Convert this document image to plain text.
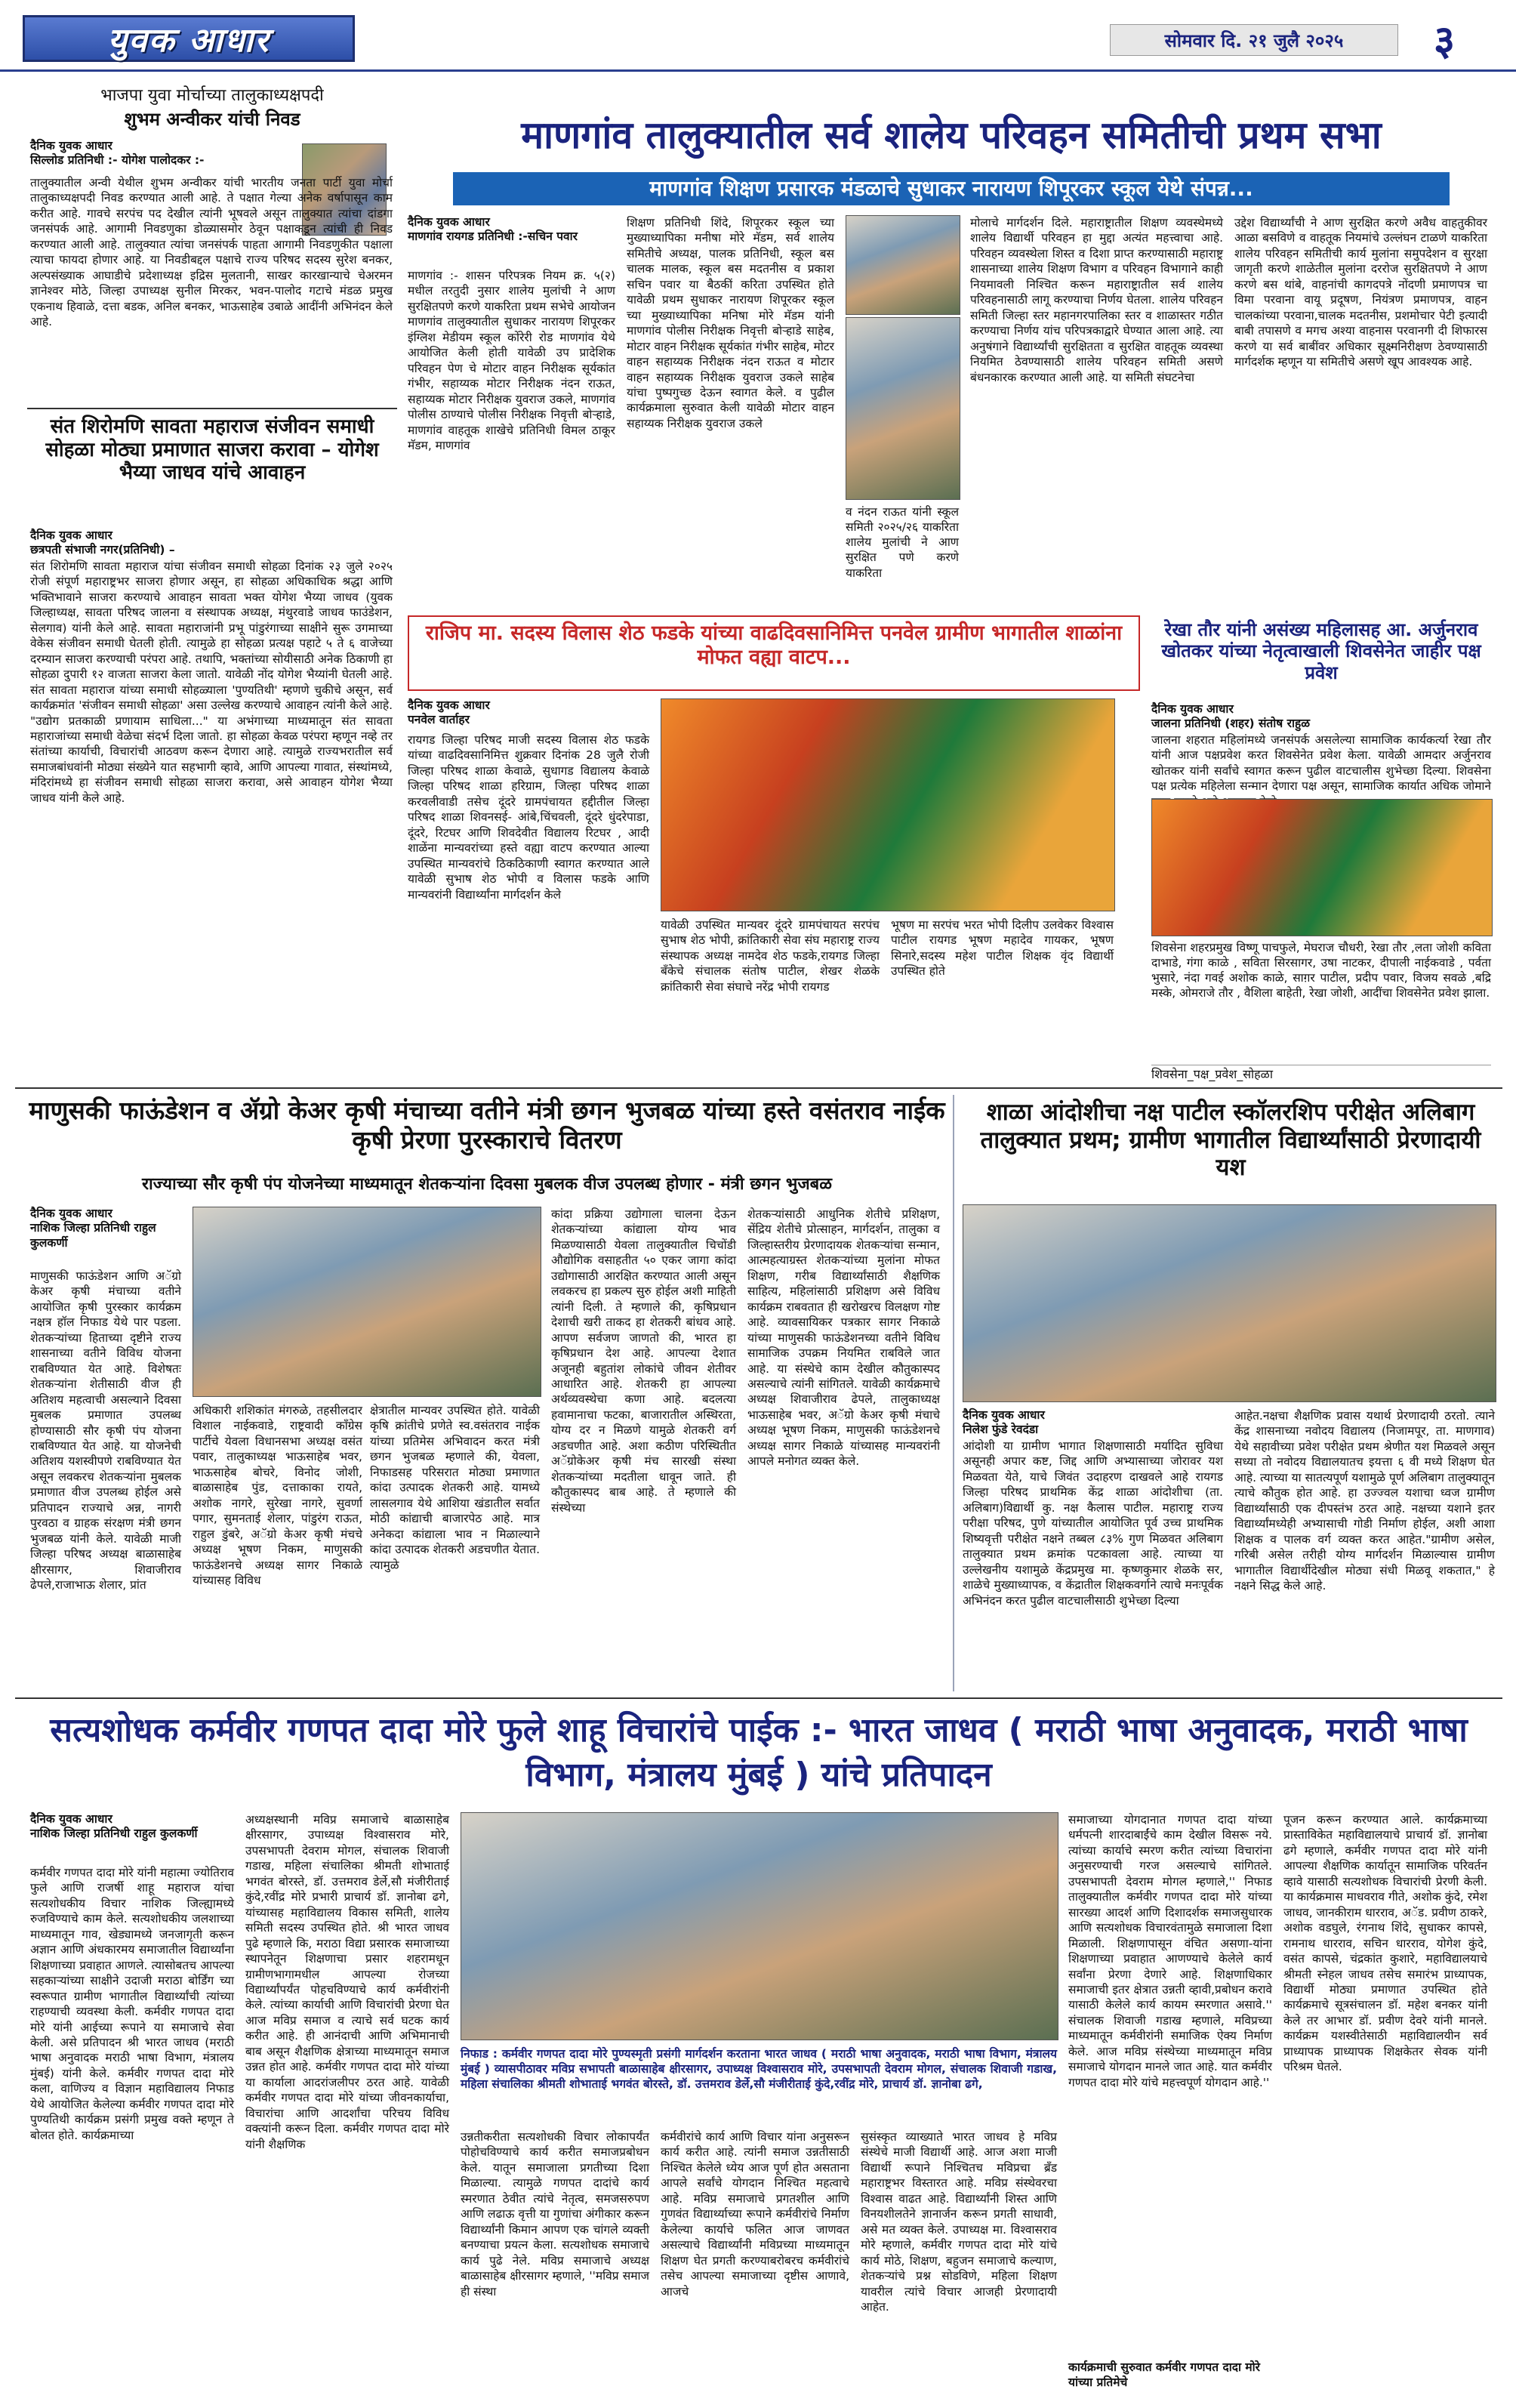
युवक आधार	सोमवार दि. २१ जुलै २०२५	३
भाजपा युवा मोर्चाच्या तालुकाध्यक्षपदी
शुभम अन्वीकर यांची निवड
दैनिक युवक आधार
सिल्लोड प्रतिनिधी :- योगेश पालोदकर :-
तालुक्यातील अन्वी येथील शुभम अन्वीकर यांची भारतीय जनता पार्टी युवा मोर्चा तालुकाध्यक्षपदी निवड करण्यात आली आहे. ते पक्षात गेल्या अनेक वर्षापासून काम करीत आहे. गावचे सरपंच पद देखील त्यांनी भूषवले असून तालुक्यात त्यांचा दांडगा जनसंपर्क आहे. आगामी निवडणुका डोळ्यासमोर ठेवून पक्षाकडून त्यांची ही निवड करण्यात आली आहे. तालुक्यात त्यांचा जनसंपर्क पाहता आगामी निवडणुकीत पक्षाला त्याचा फायदा होणार आहे. या निवडीबद्दल पक्षाचे राज्य परिषद सदस्य सुरेश बनकर, अल्पसंख्याक आघाडीचे प्रदेशाध्यक्ष इद्रिस मुलतानी, साखर कारखान्याचे चेअरमन ज्ञानेश्वर मोठे, जिल्हा उपाध्यक्ष सुनील मिरकर, भवन-पालोद गटाचे मंडळ प्रमुख एकनाथ हिवाळे, दत्ता बडक, अनिल बनकर, भाऊसाहेब उबाळे आदींनी अभिनंदन केले आहे.
संत शिरोमणि सावता महाराज संजीवन समाधी सोहळा मोठ्या प्रमाणात साजरा करावा – योगेश भैय्या जाधव यांचे आवाहन
दैनिक युवक आधार
छत्रपती संभाजी नगर(प्रतिनिधी) –
संत शिरोमणि सावता महाराज यांचा संजीवन समाधी सोहळा दिनांक २३ जुले २०२५ रोजी संपूर्ण महाराष्ट्रभर साजरा होणार असून, हा सोहळा अधिकाधिक श्रद्धा आणि भक्तिभावाने साजरा करण्याचे आवाहन सावता भक्त योगेश भैय्या जाधव (युवक जिल्हाध्यक्ष, सावता परिषद जालना व संस्थापक अध्यक्ष, मंथुरवाडे जाधव फाउंडेशन, सेलगाव) यांनी केले आहे. सावता महाराजांनी प्रभू पांडुरंगाच्या साक्षीने सुरू उगमाच्या वेकेस संजीवन समाधी घेतली होती. त्यामुळे हा सोहळा प्रत्यक्ष पहाटे ५ ते ६ वाजेच्या दरम्यान साजरा करण्याची परंपरा आहे. तथापि, भक्तांच्या सोयीसाठी अनेक ठिकाणी हा सोहळा दुपारी १२ वाजता साजरा केला जातो. यावेळी नोंद योगेश भैय्यांनी घेतली आहे. संत सावता महाराज यांच्या समाधी सोहळ्याला 'पुण्यतिथी' म्हणणे चुकीचे असून, सर्व कार्यक्रमांत 'संजीवन समाधी सोहळा' असा उल्लेख करण्याचे आवाहन त्यांनी केले आहे. "उद्योग प्रतकाळी प्रणायाम साधिला..." या अभंगाच्या माध्यमातून संत सावता महाराजांच्या समाधी वेळेचा संदर्भ दिला जातो. हा सोहळा केवळ परंपरा म्हणून नव्हे तर संतांच्या कार्याची, विचारांची आठवण करून देणारा आहे. त्यामुळे राज्यभरातील सर्व समाजबांधवांनी मोठ्या संख्येने यात सहभागी व्हावे, आणि आपल्या गावात, संस्थांमध्ये, मंदिरांमध्ये हा संजीवन समाधी सोहळा साजरा करावा, असे आवाहन योगेश भैय्या जाधव यांनी केले आहे.
माणगांव तालुक्यातील सर्व शालेय परिवहन समितीची प्रथम सभा
माणगांव शिक्षण प्रसारक मंडळाचे सुधाकर नारायण शिपूरकर स्कूल येथे संपन्न...
दैनिक युवक आधार
माणगांव रायगड प्रतिनिधी :-सचिन पवार
माणगांव :- शासन परिपत्रक नियम क्र. ५(२) मधील तरतुदी नुसार शालेय मुलांची ने आण सुरक्षितपणे करणे याकरिता प्रथम सभेचे आयोजन माणगांव तालुक्यातील सुधाकर नारायण शिपूरकर इंग्लिश मेडीयम स्कूल कोंरेरी रोड माणगांव येथे आयोजित केली होती यावेळी उप प्रादेशिक परिवहन पेण चे मोटार वाहन निरीक्षक सूर्यकांत गंभीर, सहाय्यक मोटार निरीक्षक नंदन राऊत, सहाय्यक मोटार निरीक्षक युवराज उकले, माणगांव पोलीस ठाण्याचे पोलीस निरीक्षक निवृत्ती बोऱ्हाडे, माणगांव वाहतूक शाखेचे प्रतिनिधी विमल ठाकूर मॅडम, माणगांव
शिक्षण प्रतिनिधी शिंदे, शिपूरकर स्कूल च्या मुख्याध्यापिका मनीषा मोरे मॅडम, सर्व शालेय समितीचे अध्यक्ष, पालक प्रतिनिधी, स्कूल बस चालक मालक, स्कूल बस मदतनीस व प्रकाश सचिन पवार या बैठकीं करिता उपस्थित होते यावेळी प्रथम सुधाकर नारायण शिपूरकर स्कूल च्या मुख्याध्यापिका मनिषा मोरे मॅडम यांनी माणगांव पोलीस निरीक्षक निवृत्ती बोऱ्हाडे साहेब, मोटार वाहन निरीक्षक सूर्यकांत गंभीर साहेब, मोटर वाहन सहाय्यक निरीक्षक नंदन राऊत व मोटार वाहन सहाय्यक निरीक्षक युवराज उकले साहेब यांचा पुष्पगुच्छ देऊन स्वागत केले. व पुढील कार्यक्रमाला सुरुवात केली यावेळी मोटार वाहन सहाय्यक निरीक्षक युवराज उकले
व नंदन राऊत यांनी स्कूल समिती २०२५/२६ याकरिता शालेय मुलांची ने आण सुरक्षित पणे करणे याकरिता
मोलाचे मार्गदर्शन दिले. महाराष्ट्रातील शिक्षण व्यवस्थेमध्ये शालेय विद्यार्थी परिवहन हा मुद्दा अत्यंत महत्त्वाचा आहे. परिवहन व्यवस्थेला शिस्त व दिशा प्राप्त करण्यासाठी महाराष्ट्र शासनाच्या शालेय शिक्षण विभाग व परिवहन विभागाने काही नियमावली निश्चित करून महाराष्ट्रातील सर्व शालेय परिवहनासाठी लागू करण्याचा निर्णय घेतला. शालेय परिवहन समिती जिल्हा स्तर महानगरपालिका स्तर व शाळास्तर गठीत करण्याचा निर्णय यांच परिपत्रकाद्वारे घेण्यात आला आहे. त्या अनुषंगाने विद्यार्थ्यांची सुरक्षितता व सुरक्षित वाहतूक व्यवस्था नियमित ठेवण्यासाठी शालेय परिवहन समिती असणे बंधनकारक करण्यात आली आहे. या समिती संघटनेचा
उद्देश विद्यार्थ्यांची ने आण सुरक्षित करणे अवैध वाहतुकीवर आळा बसविणे व वाहतूक नियमांचे उल्लंघन टाळणे याकरिता शालेय परिवहन समितीची कार्य मुलांना समुपदेशन व सुरक्षा जागृती करणे शाळेतील मुलांना दररोज सुरक्षितपणे ने आण करणे बस थांबे, वाहनांची कागदपत्रे नोंदणी प्रमाणपत्र चा विमा परवाना वायू प्रदूषण, नियंत्रण प्रमाणपत्र, वाहन चालकांच्या परवाना,चालक मदतनीस, प्रशमोचार पेटी इत्यादी बाबी तपासणे व मगच अश्या वाहनास परवानगी दी शिफारस करणे या सर्व बाबींवर अधिकार सूक्ष्मनिरीक्षण ठेवण्यासाठी मार्गदर्शक म्हणून या समितीचे असणे खूप आवश्यक आहे.
राजिप मा. सदस्य विलास शेठ फडके यांच्या वाढदिवसानिमित्त पनवेल ग्रामीण भागातील शाळांना मोफत वह्या वाटप...
दैनिक युवक आधार
पनवेल वार्ताहर
रायगड जिल्हा परिषद माजी सदस्य विलास शेठ फडके यांच्या वाढदिवसानिमित्त शुक्रवार दिनांक 28 जुलै रोजी जिल्हा परिषद शाळा केवाळे, सुधागड विद्यालय केवाळे जिल्हा परिषद शाळा हरिग्राम, जिल्हा परिषद शाळा करवलीवाडी तसेच दूंदरे ग्रामपंचायत हद्दीतील जिल्हा परिषद शाळा शिवनसई- आंबे,चिंचवली, दूंदरे धुंदरेपाडा, दूंदरे, रिटघर आणि शिवदेवीत विद्यालय रिटघर , आदी शाळेंना मान्यवरांच्या हस्ते वह्या वाटप करण्यात आल्या उपस्थित मान्यवरांचे ठिकठिकाणी स्वागत करण्यात आले यावेळी सुभाष शेठ भोपी व विलास फडके आणि मान्यवरांनी विद्यार्थ्यांना मार्गदर्शन केले
यावेळी उपस्थित मान्यवर दूंदरे ग्रामपंचायत सरपंच सुभाष शेठ भोपी, क्रांतिकारी सेवा संघ महाराष्ट्र राज्य संस्थापक अध्यक्ष नामदेव शेठ फडके,रायगड जिल्हा बँकेचे संचालक संतोष पाटील, शेखर शेळके क्रांतिकारी सेवा संघाचे नरेंद्र भोपी रायगड
भूषण मा सरपंच भरत भोपी दिलीप उलवेकर विश्वास पाटील रायगड भूषण महादेव गायकर, भूषण सिनारे,सदस्य महेश पाटील शिक्षक वृंद विद्यार्थी उपस्थित होते
रेखा तौर यांनी असंख्य महिलासह आ. अर्जुनराव खोतकर यांच्या नेतृत्वाखाली शिवसेनेत जाहीर पक्ष प्रवेश
दैनिक युवक आधार
जालना प्रतिनिधी (शहर) संतोष राहुळ
जालना शहरात महिलांमध्ये जनसंपर्क असलेल्या सामाजिक कार्यकर्त्या रेखा तौर यांनी आज पक्षप्रवेश करत शिवसेनेत प्रवेश केला. यावेळी आमदार अर्जुनराव खोतकर यांनी सर्वांचे स्वागत करून पुढील वाटचालीस शुभेच्छा दिल्या. शिवसेना पक्ष प्रत्येक महिलेला सन्मान देणारा पक्ष असून, सामाजिक कार्यात अधिक जोमाने
शिवसेना शहरप्रमुख विष्णू पाचफुले, मेघराज चौधरी, रेखा तौर ,लता जोशी कविता दाभाडे, गंगा काळे , सविता सिरसागर, उषा नाटकर, दीपाली नाईकवाडे , पर्वता भुसारे, नंदा गवई अशोक काळे, साग़र पाटील, प्रदीप पवार, विजय सवळे ,बद्रि मस्के, ओमराजे तौर , वैशिला बाहेती, रेखा जोशी, आदींचा शिवसेनेत प्रवेश झाला.
शिवसेना_पक्ष_प्रवेश_सोहळा
माणुसकी फाऊंडेशन व ॲग्रो केअर कृषी मंचाच्या वतीने मंत्री छगन भुजबळ यांच्या हस्ते वसंतराव नाईक कृषी प्रेरणा पुरस्काराचे वितरण
राज्याच्या सौर कृषी पंप योजनेच्या माध्यमातून शेतकऱ्यांना दिवसा मुबलक वीज उपलब्ध होणार - मंत्री छगन भुजबळ
दैनिक युवक आधार
नाशिक जिल्हा प्रतिनिधी राहुल कुलकर्णी
माणुसकी फाऊंडेशन आणि अॅग्रो केअर कृषी मंचाच्या वतीने आयोजित कृषी पुरस्कार कार्यक्रम नक्षत्र हॉल निफाड येथे पार पडला. शेतकऱ्यांच्या हिताच्या दृष्टीने राज्य शासनाच्या वतीने विविध योजना राबविण्यात येत आहे. विशेषतः शेतकऱ्यांना शेतीसाठी वीज ही अतिशय महत्वाची असल्याने दिवसा मुबलक प्रमाणात उपलब्ध होण्यासाठी सौर कृषी पंप योजना राबविण्यात येत आहे. या योजनेची अतिशय यशस्वीपणे राबविण्यात येत असून लवकरच शेतकऱ्यांना मुबलक प्रमाणात वीज उपलब्ध होईल असे प्रतिपादन राज्याचे अन्न, नागरी पुरवठा व ग्राहक संरक्षण मंत्री छगन भुजबळ यांनी केले. यावेळी माजी जिल्हा परिषद अध्यक्ष बाळासाहेब क्षीरसागर, शिवाजीराव ढेपले,राजाभाऊ शेलार, प्रांत
अधिकारी शशिकांत मंगरुळे, तहसीलदार विशाल नाईकवाडे, राष्ट्रवादी काँग्रेस पार्टीचे येवला विधानसभा अध्यक्ष वसंत पवार, तालुकाध्यक्ष भाऊसाहेब भवर, भाऊसाहेब बोचरे, विनोद जोशी, बाळासाहेब पुंड, दत्ताकाका रायते, अशोक नागरे, सुरेखा नागरे, सुवर्णा पगार, सुमनताई शेलार, पांडुरंग राऊत, राहुल डुंबरे, अॅग्रो केअर कृषी मंचचे अध्यक्ष भूषण निकम, माणुसकी फाऊंडेशनचे अध्यक्ष सागर निकाळे यांच्यासह विविध
क्षेत्रातील मान्यवर उपस्थित होते. यावेळी कृषि क्रांतीचे प्रणेते स्व.वसंतराव नाईक यांच्या प्रतिमेस अभिवादन करत मंत्री छगन भुजबळ म्हणाले की, येवला, निफाडसह परिसरात मोठ्या प्रमाणात कांदा उत्पादक शेतकरी आहे. यामध्ये लासलगाव येथे आशिया खंडातील सर्वात मोठी कांद्याची बाजारपेठ आहे. मात्र अनेकदा कांद्याला भाव न मिळाल्याने कांदा उत्पादक शेतकरी अडचणीत येतात. त्यामुळे
कांदा प्रक्रिया उद्योगाला चालना देऊन शेतकऱ्यांच्या कांद्याला योग्य भाव मिळण्यासाठी येवला तालुक्यातील चिचोंडी औद्योगिक वसाहतीत ५० एकर जागा कांदा उद्योगासाठी आरक्षित करण्यात आली असून लवकरच हा प्रकल्प सुरु होईल अशी माहिती त्यांनी दिली. ते म्हणाले की, कृषिप्रधान देशाची खरी ताकद हा शेतकरी बांधव आहे. आपण सर्वजण जाणतो की, भारत हा कृषिप्रधान देश आहे. आपल्या देशात अजूनही बहुतांश लोकांचे जीवन शेतीवर आधारित आहे. शेतकरी हा आपल्या अर्थव्यवस्थेचा कणा आहे. बदलत्या हवामानाचा फटका, बाजारातील अस्थिरता, योग्य दर न मिळणे यामुळे शेतकरी वर्ग अडचणीत आहे. अशा कठीण परिस्थितीत अॅग्रोकेअर कृषी मंच सारखी संस्था शेतकऱ्यांच्या मदतीला धावून जाते. ही कौतुकास्पद बाब आहे. ते म्हणाले की संस्थेच्या
शेतकऱ्यांसाठी आधुनिक शेतीचे प्रशिक्षण, सेंद्रिय शेतीचे प्रोत्साहन, मार्गदर्शन, तालुका व जिल्हास्तरीय प्रेरणादायक शेतकऱ्यांचा सन्मान, आत्महत्याग्रस्त शेतकऱ्यांच्या मुलांना मोफत शिक्षण, गरीब विद्यार्थ्यांसाठी शैक्षणिक साहित्य, महिलांसाठी प्रशिक्षण असे विविध कार्यक्रम राबवतात ही खरोखरच विलक्षण गोष्ट आहे. व्यावसायिकर पत्रकार सागर निकाळे यांच्या माणुसकी फाऊंडेशनच्या वतीने विविध सामाजिक उपक्रम नियमित राबविले जात आहे. या संस्थेचे काम देखील कौतुकास्पद असल्याचे त्यांनी सांगितले. यावेळी कार्यक्रमाचे अध्यक्ष शिवाजीराव ढेपले, तालुकाध्यक्ष भाऊसाहेब भवर, अॅग्रो केअर कृषी मंचाचे अध्यक्ष भूषण निकम, माणुसकी फाऊंडेशनचे अध्यक्ष सागर निकाळे यांच्यासह मान्यवरांनी आपले मनोगत व्यक्त केले.
शाळा आंदोशीचा नक्ष पाटील स्कॉलरशिप परीक्षेत अलिबाग तालुक्यात प्रथम; ग्रामीण भागातील विद्यार्थ्यांसाठी प्रेरणादायी यश
दैनिक युवक आधार
निलेश फुंडे रेवदंडा
आंदोशी या ग्रामीण भागात शिक्षणासाठी मर्यादित सुविधा असूनही अपार कष्ट, जिद्द आणि अभ्यासाच्या जोरावर यश मिळवता येते, याचे जिवंत उदाहरण दाखवले आहे रायगड जिल्हा परिषद प्राथमिक केंद्र शाळा आंदोशीचा (ता. अलिबाग)विद्यार्थी कु. नक्ष कैलास पाटील. महाराष्ट्र राज्य परीक्षा परिषद, पुणे यांच्यातील आयोजित पूर्व उच्च प्राथमिक शिष्यवृत्ती परीक्षेत नक्षने तब्बल ८३% गुण मिळवत अलिबाग तालुक्यात प्रथम क्रमांक पटकावला आहे. त्याच्या या उल्लेखनीय यशामुळे केंद्रप्रमुख मा. कृष्णकुमार शेळके सर, शाळेचे मुख्याध्यापक, व केंद्रातील शिक्षकवर्गाने त्याचे मनःपूर्वक अभिनंदन करत पुढील वाटचालीसाठी शुभेच्छा दिल्या
आहेत.नक्षचा शैक्षणिक प्रवास यथार्थ प्रेरणादायी ठरतो. त्याने केंद्र शासनाच्या नवोदय विद्यालय (निजामपूर, ता. माणगाव) येथे सहावीच्या प्रवेश परीक्षेत प्रथम श्रेणीत यश मिळवले असून सध्या तो नवोदय विद्यालयातच इयत्ता ६ वी मध्ये शिक्षण घेत आहे. त्याच्या या सातत्यपूर्ण यशामुळे पूर्ण अलिबाग तालुक्यातून त्याचे कौतुक होत आहे. हा उज्ज्वल यशाचा ध्वज ग्रामीण विद्यार्थ्यांसाठी एक दीपस्तंभ ठरत आहे. नक्षच्या यशाने इतर विद्यार्थ्यांमध्येही अभ्यासाची गोडी निर्माण होईल, अशी आशा शिक्षक व पालक वर्ग व्यक्त करत आहेत."ग्रामीण असेल, गरिबी असेल तरीही योग्य मार्गदर्शन मिळाल्यास ग्रामीण भागातील विद्यार्थीदेखील मोठ्या संधी मिळवू शकतात," हे नक्षने सिद्ध केले आहे.
सत्यशोधक कर्मवीर गणपत दादा मोरे फुले शाहू विचारांचे पाईक :- भारत जाधव ( मराठी भाषा अनुवादक, मराठी भाषा विभाग, मंत्रालय मुंबई ) यांचे प्रतिपादन
दैनिक युवक आधार
नाशिक जिल्हा प्रतिनिधी राहुल कुलकर्णी
कर्मवीर गणपत दादा मोरे यांनी महात्मा ज्योतिराव फुले आणि राजर्षी शाहू महाराज यांचा सत्यशोधकीय विचार नाशिक जिल्ह्यामध्ये रुजविण्याचे काम केले. सत्यशोधकीय जलशाच्या माध्यमातून गाव, खेड्यामध्ये जनजागृती करून अज्ञान आणि अंधकारमय समाजातील विद्यार्थ्यांना शिक्षणाच्या प्रवाहात आणले. त्यासोबतच आपल्या सहकाऱ्यांच्या साक्षीने उदाजी मराठा बोर्डिंग च्या स्वरूपात ग्रामीण भागातील विद्यार्थ्यांची त्यांच्या राहण्याची व्यवस्था केली. कर्मवीर गणपत दादा मोरे यांनी आईच्या रूपाने या समाजाचे सेवा केली. असे प्रतिपादन श्री भारत जाधव (मराठी भाषा अनुवादक मराठी भाषा विभाग, मंत्रालय मुंबई) यांनी केले. कर्मवीर गणपत दादा मोरे कला, वाणिज्य व विज्ञान महाविद्यालय निफाड येथे आयोजित केलेल्या कर्मवीर गणपत दादा मोरे पुण्यतिथी कार्यक्रम प्रसंगी प्रमुख वक्ते म्हणून ते बोलत होते. कार्यक्रमाच्या
अध्यक्षस्थानी मविप्र समाजाचे बाळासाहेब क्षीरसागर, उपाध्यक्ष विश्वासराव मोरे, उपसभापती देवराम मोगल, संचालक शिवाजी गडाख, महिला संचालिका श्रीमती शोभाताई भगवंत बोरस्ते, डॉ. उत्तमराव डेर्ले,सौ मंजीरीताई कुंदे,रवींद्र मोरे प्रभारी प्राचार्य डॉ. ज्ञानोबा ढगे, यांच्यासह महाविद्यालय विकास समिती, शालेय समिती सदस्य उपस्थित होते. श्री भारत जाधव पुढे म्हणाले कि, मराठा विद्या प्रसारक समाजाच्या स्थापनेतून शिक्षणाचा प्रसार शहरामधून ग्रामीणभागामधील आपल्या रोजच्या विद्यार्थ्यांपर्यंत पोहचविण्याचे कार्य कर्मवीरांनी केले. त्यांच्या कार्याची आणि विचारांची प्रेरणा घेत आज मविप्र समाज व त्याचे सर्व घटक कार्य करीत आहे. ही आनंदाची आणि अभिमानाची बाब असून शैक्षणिक क्षेत्राच्या माध्यमातून समाज उन्नत होत आहे. कर्मवीर गणपत दादा मोरे यांच्या या कार्याला आदरांजलीपर ठरत आहे. यावेळी कर्मवीर गणपत दादा मोरे यांच्या जीवनकार्याचा, विचारांचा आणि आदर्शांचा परिचय विविध वक्त्यांनी करून दिला. कर्मवीर गणपत दादा मोरे यांनी शैक्षणिक
निफाड : कर्मवीर गणपत दादा मोरे पुण्यस्मृती प्रसंगी मार्गदर्शन करताना भारत जाधव ( मराठी भाषा अनुवादक, मराठी भाषा विभाग, मंत्रालय मुंबई ) व्यासपीठावर मविप्र सभापती बाळासाहेब क्षीरसागर, उपाध्यक्ष विश्वासराव मोरे, उपसभापती देवराम मोगल, संचालक शिवाजी गडाख, महिला संचालिका श्रीमती शोभाताई भगवंत बोरस्ते, डॉ. उत्तमराव डेर्ले,सौ मंजीरीताई कुंदे,रवींद्र मोरे, प्राचार्य डॉ. ज्ञानोबा ढगे,
उन्नतीकरीता सत्यशोधकी विचार लोकापर्यंत पोहोचविण्याचे कार्य करीत समाजप्रबोधन केले. यातून समाजाला प्रगतीच्या दिशा मिळाल्या. त्यामुळे गणपत दादांचे कार्य स्मरणात ठेवीत त्यांचे नेतृत्व, समजसरुपण आणि लढाऊ वृत्ती या गुणांचा अंगीकार करून विद्यार्थ्यांनी किमान आपण एक चांगले व्यक्ती बनण्याचा प्रयत्न केला. सत्यशोधक समाजाचे कार्य पुढे नेले. मविप्र समाजाचे अध्यक्ष बाळासाहेब क्षीरसागर म्हणाले, ''मविप्र समाज ही संस्था
कर्मवीरांचे कार्य आणि विचार यांना अनुसरून कार्य करीत आहे. त्यांनी समाज उन्नतीसाठी निश्चित केलेले ध्येय आज पूर्ण होत असताना आपले सर्वांचे योगदान निश्चित महत्वाचे आहे. मविप्र समाजाचे प्रगतशील आणि गुणवंत विद्यार्थ्याच्या रूपाने कर्मवीरांचे निर्माण केलेल्या कार्याचे फलित आज जाणवत असल्याचे विद्यार्थ्यांनी मविप्रच्या माध्यमातून शिक्षण घेत प्रगती करण्याबरोबरच कर्मवीरांचे तसेच आपल्या समाजाच्या दृष्टीस आणावे, आजचे
सुसंस्कृत व्याख्याते भारत जाधव हे मविप्र संस्थेचे माजी विद्यार्थी आहे. आज अशा माजी विद्यार्थी रूपाने निश्चितच मविप्रचा ब्रँड महाराष्ट्रभर विस्तारत आहे. मविप्र संस्थेवरचा विश्वास वाढत आहे. विद्यार्थ्यांनी शिस्त आणि विनयशीलतेने ज्ञानार्जन करून प्रगती साधावी, असे मत व्यक्त केले. उपाध्यक्ष मा. विश्वासराव मोरे म्हणाले, कर्मवीर गणपत दादा मोरे यांचे कार्य मोठे, शिक्षण, बहुजन समाजाचे कल्याण, शेतकऱ्यांचे प्रश्न सोडविणे, महिला शिक्षण यावरील त्यांचे विचार आजही प्रेरणादायी आहेत.
समाजाच्या योगदानात गणपत दादा यांच्या धर्मपत्नी शारदाबाईंचे काम देखील विसरू नये. त्यांच्या कार्याचे स्मरण करीत त्यांच्या विचारांना अनुसरण्याची गरज असल्याचे सांगितले. उपसभापती देवराम मोगल म्हणाले,'' निफाड तालुक्यातील कर्मवीर गणपत दादा मोरे यांच्या सारख्या आदर्श आणि दिशादर्शक समाजसुधारक आणि सत्यशोधक विचारवंतामुळे समाजाला दिशा मिळाली. शिक्षणापासून वंचित असणा-यांना शिक्षणाच्या प्रवाहात आणण्याचे केलेले कार्य सर्वांना प्रेरणा देणारे आहे. शिक्षणाधिकार समाजाची इतर क्षेत्रात उन्नती व्हावी,प्रबोधन करावे यासाठी केलेले कार्य कायम स्मरणात असावे.'' संचालक शिवाजी गडाख म्हणाले, मविप्रच्या माध्यमातून कर्मवीरांनी समाजिक ऐक्य निर्माण केले. आज मविप्र संस्थेच्या माध्यमातून मविप्र समाजाचे योगदान मानले जात आहे. यात कर्मवीर गणपत दादा मोरे यांचे महत्त्वपूर्ण योगदान आहे.''
कार्यक्रमाची सुरुवात कर्मवीर गणपत दादा मोरे यांच्या प्रतिमेचे
पूजन करून करण्यात आले. कार्यक्रमाच्या प्रास्ताविकेत महाविद्यालयाचे प्राचार्य डॉ. ज्ञानोबा ढगे म्हणाले, कर्मवीर गणपत दादा मोरे यांनी आपल्या शैक्षणिक कार्यातून सामाजिक परिवर्तन व्हावे यासाठी सत्यशोधक विचारांची प्रेरणी केली. या कार्यक्रमास माधवराव गीते, अशोक कुंदे, रमेश जाधव, जानकीराम धारराव, अॅड. प्रवीण ठाकरे, अशोक वडघुले, रंगनाथ शिंदे, सुधाकर कापसे, रामनाथ धारराव, सचिन धारराव, योगेश कुंदे, वसंत कापसे, चंद्रकांत कुशारे, महाविद्यालयाचे श्रीमती स्नेहल जाधव तसेच समारंभ प्राध्यापक, विद्यार्थी मोठ्या प्रमाणात उपस्थित होते कार्यक्रमाचे सूत्रसंचालन डॉ. महेश बनकर यांनी केले तर आभार डॉ. प्रवीण देवरे यांनी मानले. कार्यक्रम यशस्वीतेसाठी महाविद्यालयीन सर्व प्राध्यापक प्राध्यापक शिक्षकेतर सेवक यांनी परिश्रम घेतले.
